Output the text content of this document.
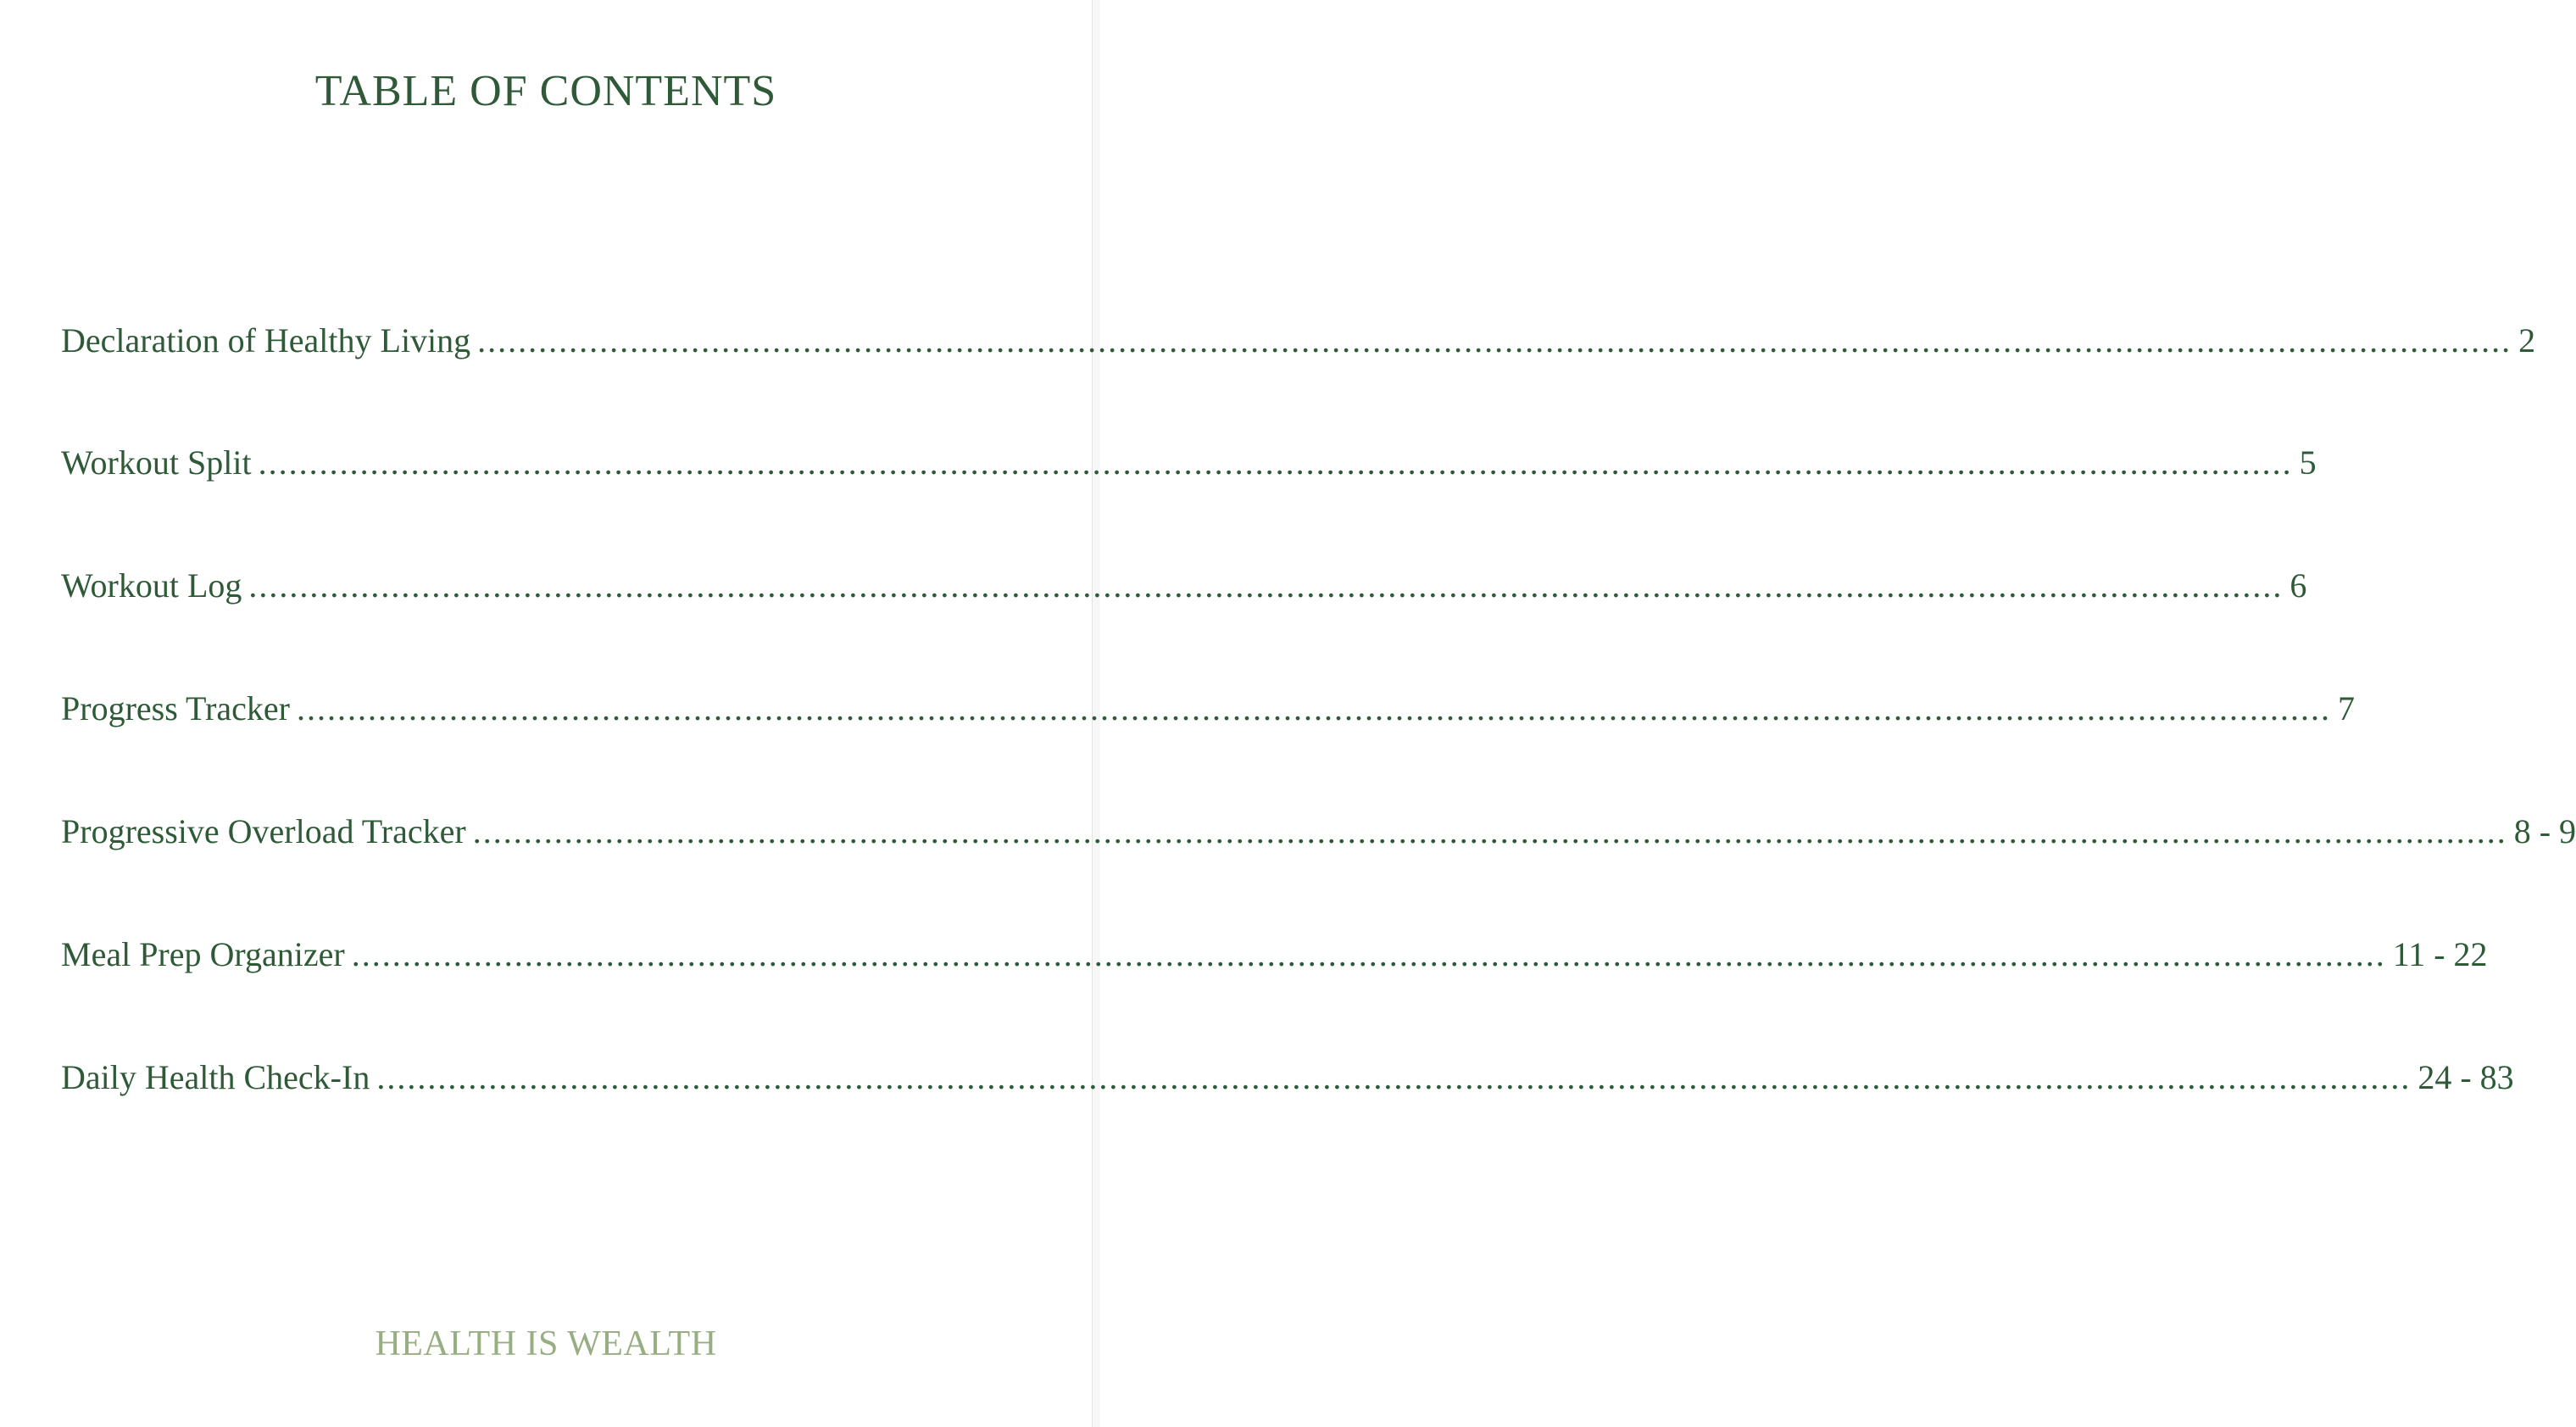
TABLE OF CONTENTS
Declaration of Healthy Living ........................................................................................................................................................................................................ 2
Workout Split ........................................................................................................................................................................................................ 5
Workout Log ........................................................................................................................................................................................................ 6
Progress Tracker ........................................................................................................................................................................................................ 7
Progressive Overload Tracker ........................................................................................................................................................................................................ 8 - 9
Meal Prep Organizer ........................................................................................................................................................................................................ 11 - 22
Daily Health Check-In ........................................................................................................................................................................................................ 24 - 83
HEALTH IS WEALTH
